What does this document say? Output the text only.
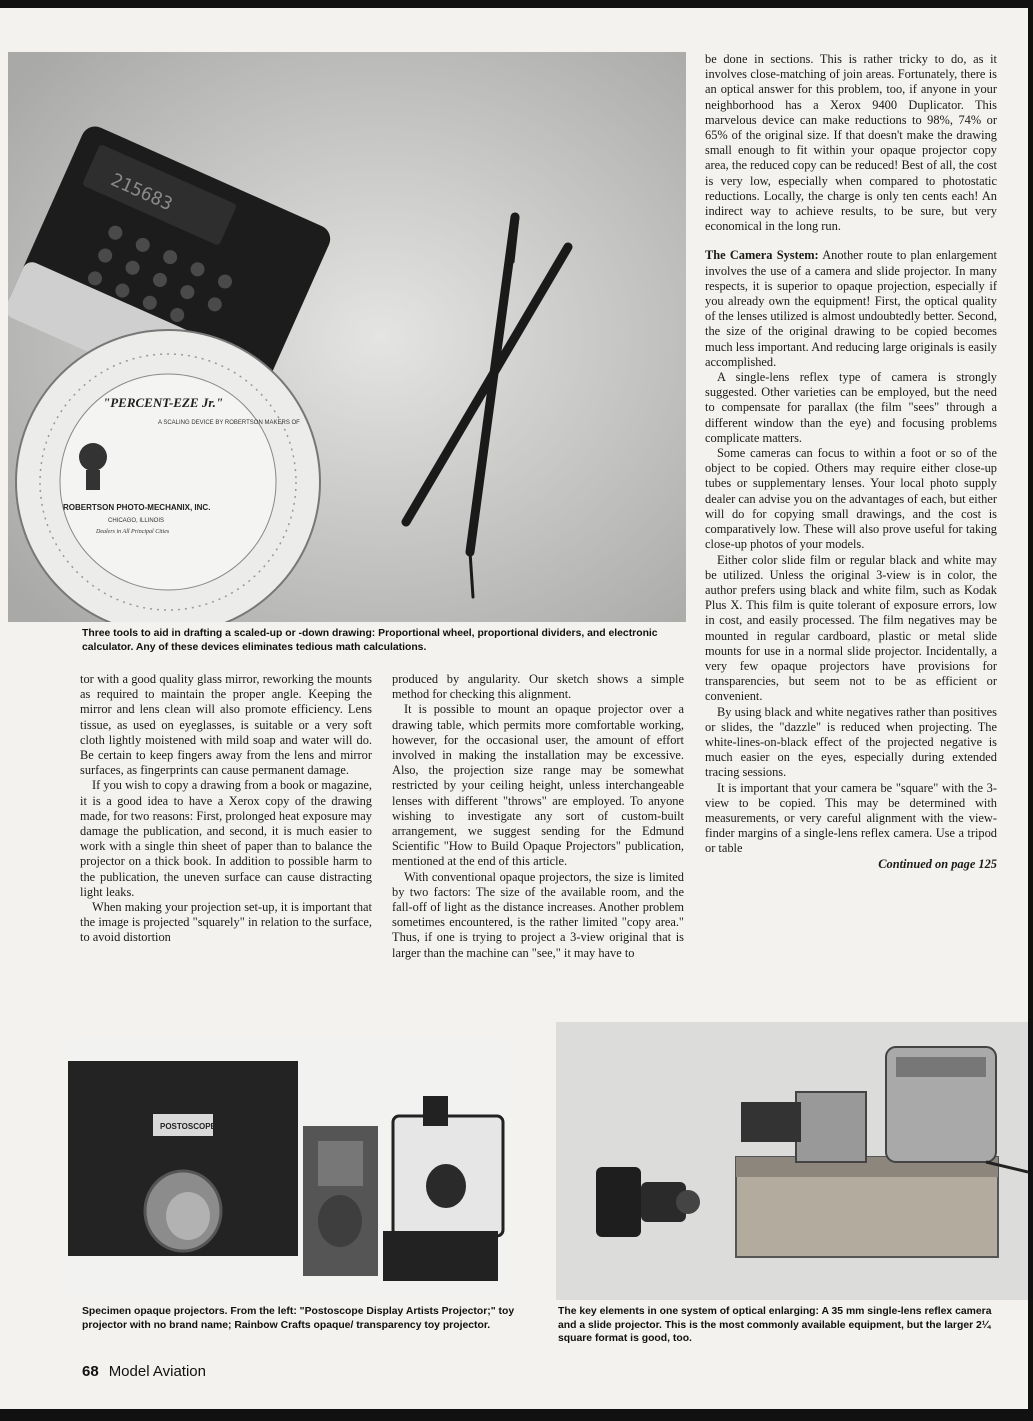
215683
"PERCENT-EZE Jr."
A SCALING DEVICE BY ROBERTSON MAKERS OF
ROBERTSON PHOTO-MECHANIX, INC.
CHICAGO, ILLINOIS
Dealers in All Principal Cities
Three tools to aid in drafting a scaled-up or -down drawing: Proportional wheel, proportional dividers, and electronic calculator. Any of these devices eliminates tedious math calculations.

tor with a good quality glass mirror, reworking the mounts as required to maintain the proper angle. Keeping the mirror and lens clean will also promote efficiency. Lens tissue, as used on eyeglasses, is suitable or a very soft cloth lightly moistened with mild soap and water will do. Be certain to keep fingers away from the lens and mirror surfaces, as fingerprints can cause permanent damage.

If you wish to copy a drawing from a book or magazine, it is a good idea to have a Xerox copy of the drawing made, for two reasons: First, prolonged heat exposure may damage the publication, and second, it is much easier to work with a single thin sheet of paper than to balance the projector on a thick book. In addition to possible harm to the publication, the uneven surface can cause distracting light leaks.

When making your projection set-up, it is important that the image is projected "squarely" in relation to the surface, to avoid distortion

produced by angularity. Our sketch shows a simple method for checking this alignment.

It is possible to mount an opaque projector over a drawing table, which permits more comfortable working, however, for the occasional user, the amount of effort involved in making the installation may be excessive. Also, the projection size range may be somewhat restricted by your ceiling height, unless interchangeable lenses with different "throws" are employed. To anyone wishing to investigate any sort of custom-built arrangement, we suggest sending for the Edmund Scientific "How to Build Opaque Projectors" publication, mentioned at the end of this article.

With conventional opaque projectors, the size is limited by two factors: The size of the available room, and the fall-off of light as the distance increases. Another problem sometimes encountered, is the rather limited "copy area." Thus, if one is trying to project a 3-view original that is larger than the machine can "see," it may have to

be done in sections. This is rather tricky to do, as it involves close-matching of join areas. Fortunately, there is an optical answer for this problem, too, if anyone in your neighborhood has a Xerox 9400 Duplicator. This marvelous device can make reductions to 98%, 74% or 65% of the original size. If that doesn't make the drawing small enough to fit within your opaque projector copy area, the reduced copy can be reduced! Best of all, the cost is very low, especially when compared to photostatic reductions. Locally, the charge is only ten cents each! An indirect way to achieve results, to be sure, but very economical in the long run.

The Camera System: Another route to plan enlargement involves the use of a camera and slide projector. In many respects, it is superior to opaque projection, especially if you already own the equipment! First, the optical quality of the lenses utilized is almost undoubtedly better. Second, the size of the original drawing to be copied becomes much less important. And reducing large originals is easily accomplished.

A single-lens reflex type of camera is strongly suggested. Other varieties can be employed, but the need to compensate for parallax (the film "sees" through a different window than the eye) and focusing problems complicate matters.

Some cameras can focus to within a foot or so of the object to be copied. Others may require either close-up tubes or supplementary lenses. Your local photo supply dealer can advise you on the advantages of each, but either will do for copying small drawings, and the cost is comparatively low. These will also prove useful for taking close-up photos of your models.

Either color slide film or regular black and white may be utilized. Unless the original 3-view is in color, the author prefers using black and white film, such as Kodak Plus X. This film is quite tolerant of exposure errors, low in cost, and easily processed. The film negatives may be mounted in regular cardboard, plastic or metal slide mounts for use in a normal slide projector. Incidentally, a very few opaque projectors have provisions for transparencies, but seem not to be as efficient or convenient.

By using black and white negatives rather than positives or slides, the "dazzle" is reduced when projecting. The white-lines-on-black effect of the projected negative is much easier on the eyes, especially during extended tracing sessions.

It is important that your camera be "square" with the 3-view to be copied. This may be determined with measurements, or very careful alignment with the view-finder margins of a single-lens reflex camera. Use a tripod or table

Continued on page 125
POSTOSCOPE
Specimen opaque projectors. From the left: "Postoscope Display Artists Projector;" toy projector with no brand name; Rainbow Crafts opaque/ transparency toy projector.
The key elements in one system of optical enlarging: A 35 mm single-lens reflex camera and a slide projector. This is the most commonly available equipment, but the larger 2¼ square format is good, too.
68 Model Aviation
